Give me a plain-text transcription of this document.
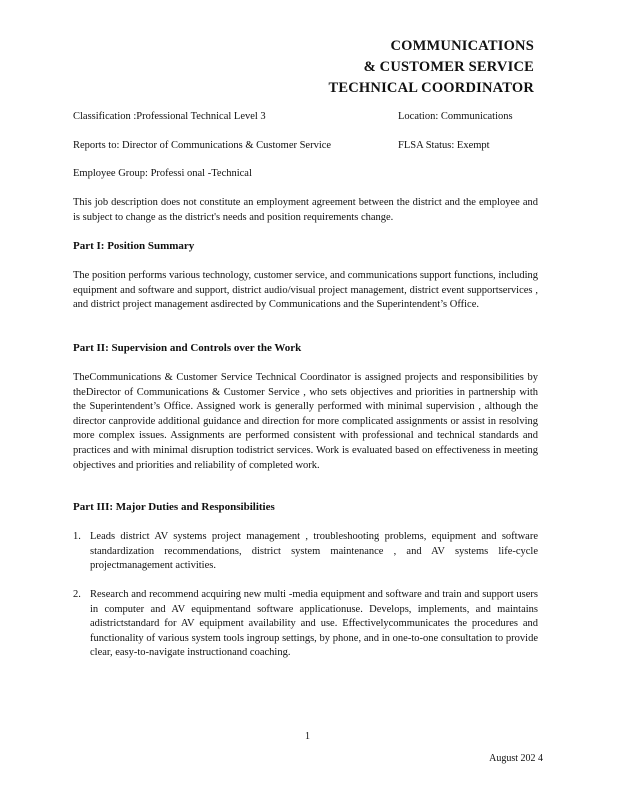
COMMUNICATIONS
& CUSTOMER SERVICE
TECHNICAL COORDINATOR
Classification :Professional Technical Level 3	Location: Communications
Reports to: Director of Communications & Customer Service	FLSA Status: Exempt
Employee Group: Professi onal -Technical
This job description does not constitute an employment agreement between the district and the employee and is subject to change as the district's needs and position requirements change.
Part I: Position Summary
The position performs various technology, customer service, and communications support functions, including equipment and software and support, district audio/visual project management, district event supportservices , and district project management asdirected by Communications and the Superintendent’s Office.
Part II: Supervision and Controls over the Work
TheCommunications & Customer Service Technical Coordinator is assigned projects and responsibilities by theDirector of Communications & Customer Service , who sets objectives and priorities in partnership with the Superintendent’s Office. Assigned work is generally performed with minimal supervision , although the director canprovide additional guidance and direction for more complicated assignments or assist in resolving more complex issues. Assignments are performed consistent with professional and technical standards and practices and with minimal disruption todistrict services. Work is evaluated based on effectiveness in meeting objectives and priorities and reliability of completed work.
Part III: Major Duties and Responsibilities
1. Leads district AV systems project management , troubleshooting problems, equipment and software standardization recommendations, district system maintenance , and AV systems life-cycle projectmanagement activities.
2. Research and recommend acquiring new multi -media equipment and software and train and support users in computer and AV equipmentand software applicationuse. Develops, implements, and maintains adistrictstandard for AV equipment availability and use. Effectivelycommunicates the procedures and functionality of various system tools ingroup settings, by phone, and in one-to-one consultation to provide clear, easy-to-navigate instructionand coaching.
1
August 202 4
